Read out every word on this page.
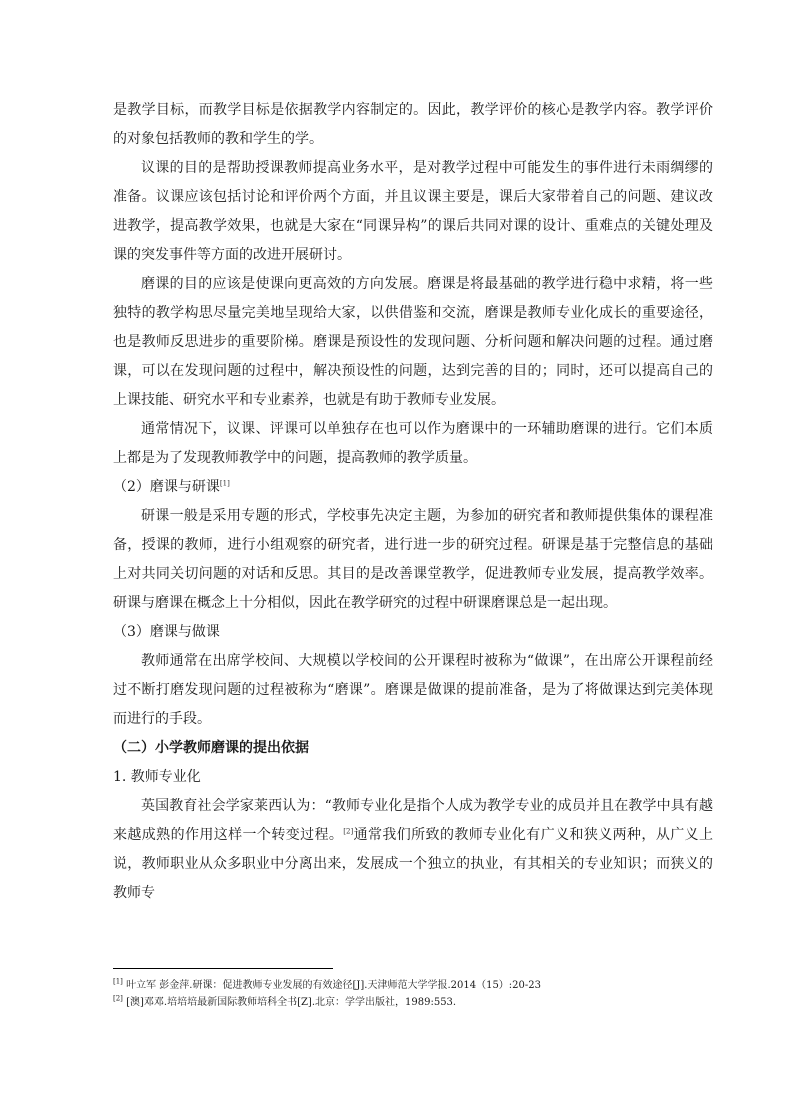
是教学目标，而教学目标是依据教学内容制定的。因此，教学评价的核心是教学内容。教学评价的对象包括教师的教和学生的学。

议课的目的是帮助授课教师提高业务水平，是对教学过程中可能发生的事件进行未雨绸缪的准备。议课应该包括讨论和评价两个方面，并且议课主要是，课后大家带着自己的问题、建议改进教学，提高教学效果，也就是大家在“同课异构”的课后共同对课的设计、重难点的关键处理及课的突发事件等方面的改进开展研讨。

磨课的目的应该是使课向更高效的方向发展。磨课是将最基础的教学进行稳中求精，将一些独特的教学构思尽量完美地呈现给大家，以供借鉴和交流，磨课是教师专业化成长的重要途径，也是教师反思进步的重要阶梯。磨课是预设性的发现问题、分析问题和解决问题的过程。通过磨课，可以在发现问题的过程中，解决预设性的问题，达到完善的目的；同时，还可以提高自己的上课技能、研究水平和专业素养，也就是有助于教师专业发展。

通常情况下，议课、评课可以单独存在也可以作为磨课中的一环辅助磨课的进行。它们本质上都是为了发现教师教学中的问题，提高教师的教学质量。

（2）磨课与研课[1]

研课一般是采用专题的形式，学校事先决定主题，为参加的研究者和教师提供集体的课程准备，授课的教师，进行小组观察的研究者，进行进一步的研究过程。研课是基于完整信息的基础上对共同关切问题的对话和反思。其目的是改善课堂教学，促进教师专业发展，提高教学效率。研课与磨课在概念上十分相似，因此在教学研究的过程中研课磨课总是一起出现。

（3）磨课与做课

教师通常在出席学校间、大规模以学校间的公开课程时被称为“做课”，在出席公开课程前经过不断打磨发现问题的过程被称为“磨课”。磨课是做课的提前准备，是为了将做课达到完美体现而进行的手段。

（二）小学教师磨课的提出依据

1. 教师专业化

英国教育社会学家莱西认为：“教师专业化是指个人成为教学专业的成员并且在教学中具有越来越成熟的作用这样一个转变过程。[2]通常我们所致的教师专业化有广义和狭义两种，从广义上说，教师职业从众多职业中分离出来，发展成一个独立的执业，有其相关的专业知识；而狭义的教师专

[1] 叶立军 彭金萍.研课：促进教师专业发展的有效途径[J].天津师范大学学报.2014（15）:20-23

[2] [澳]邓邓.培培培最新国际教师培科全书[Z].北京：学学出版社，1989:553.
